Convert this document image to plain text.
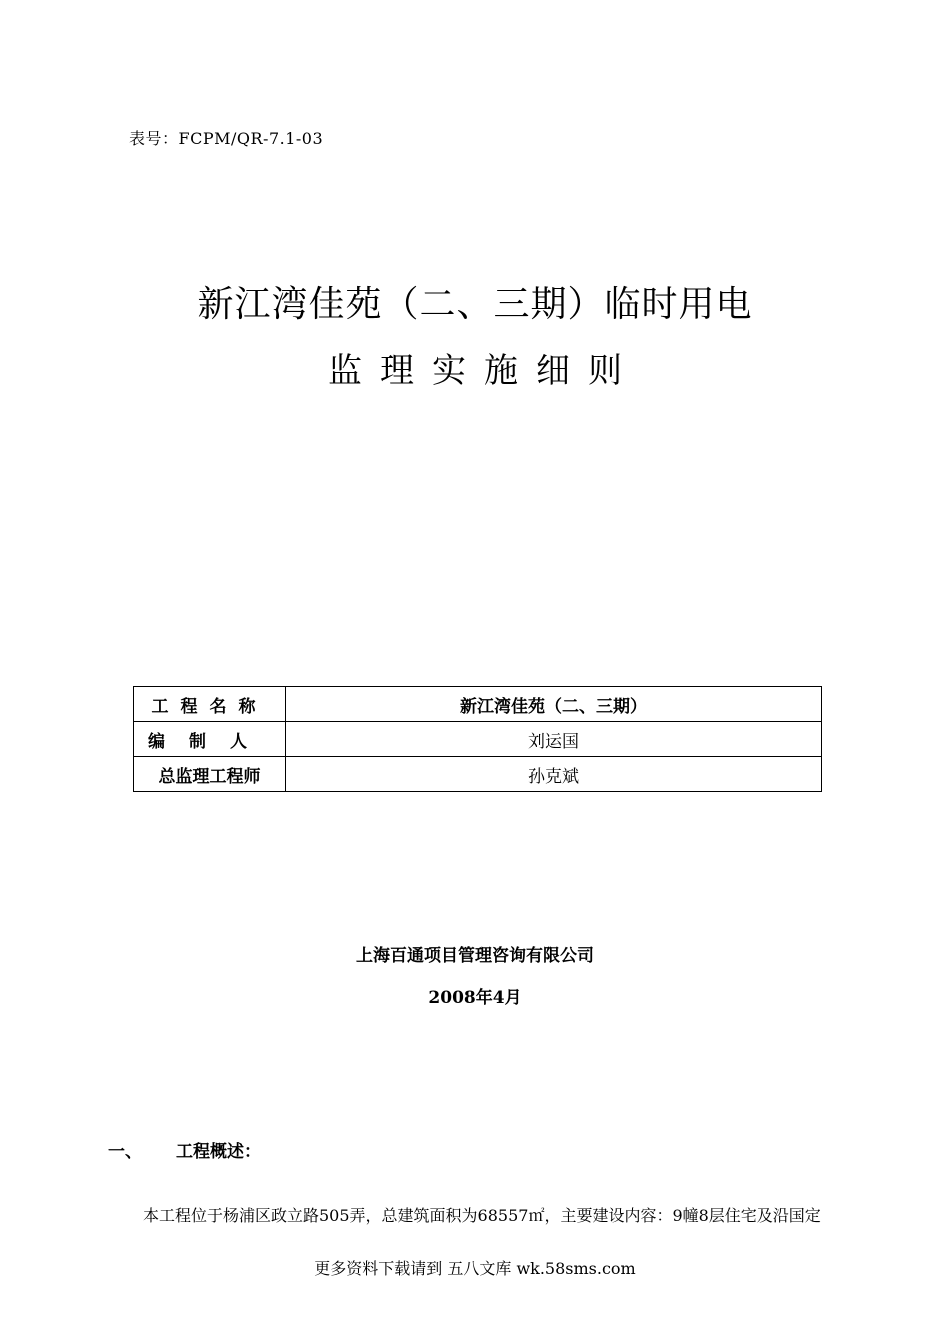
表号：FCPM/QR-7.1-03
新江湾佳苑（二、三期）临时用电
监理实施细则
工程名称	新江湾佳苑（二、三期）
编制人	刘运国
总监理工程师	孙克斌
上海百通项目管理咨询有限公司
2008年4月
一、 工程概述：
本工程位于杨浦区政立路505弄，总建筑面积为68557㎡，主要建设内容：9幢8层住宅及沿国定
更多资料下载请到 五八文库 wk.58sms.com
